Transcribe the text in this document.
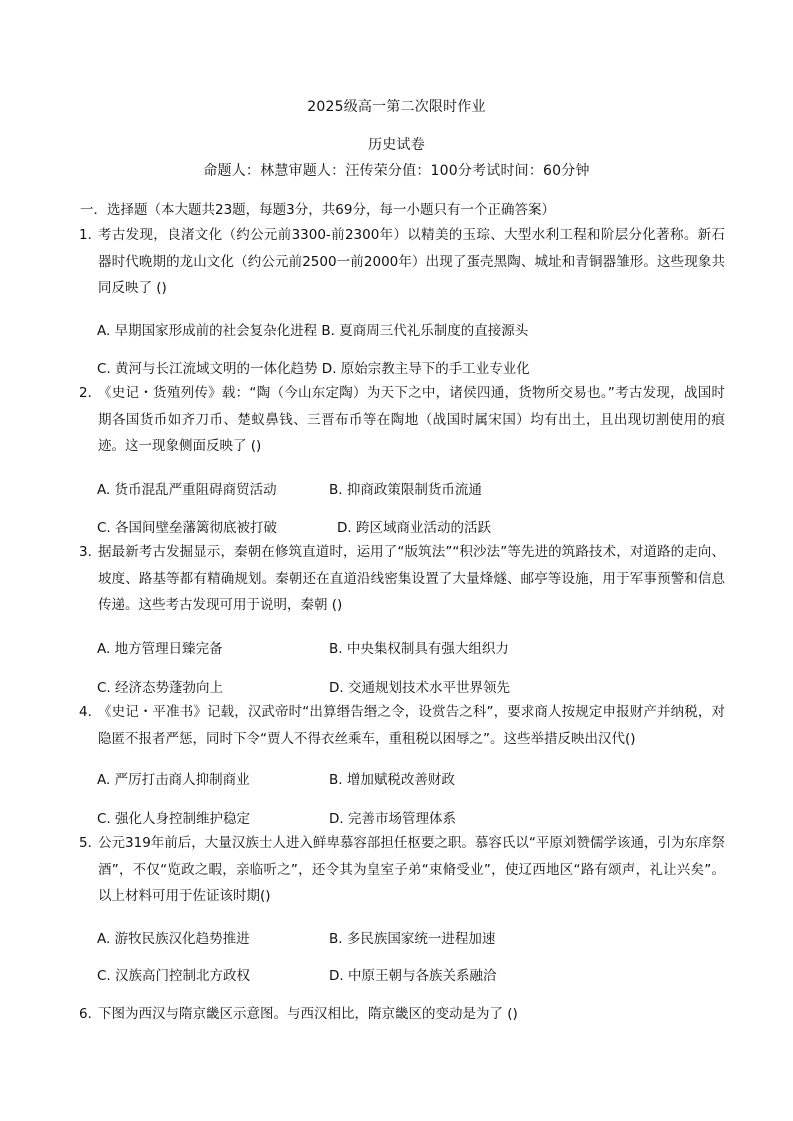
2025级高一第二次限时作业
历史试卷
命题人：林慧审题人：汪传荣分值：100分考试时间：60分钟
一．选择题（本大题共23题，每题3分，共69分，每一小题只有一个正确答案）
1．
考古发现，良渚文化（约公元前3300-前2300年）以精美的玉琮、大型水利工程和阶层分化著称。新石器时代晚期的龙山文化（约公元前2500一前2000年）出现了蛋壳黑陶、城址和青铜器雏形。这些现象共同反映了 ()
A. 早期国家形成前的社会复杂化进程 B. 夏商周三代礼乐制度的直接源头
C. 黄河与长江流域文明的一体化趋势 D. 原始宗教主导下的手工业专业化
2．
《史记・货殖列传》载：“陶（今山东定陶）为天下之中，诸侯四通，货物所交易也。”考古发现，战国时期各国货币如齐刀币、楚蚁鼻钱、三晋布币等在陶地（战国时属宋国）均有出土，且出现切割使用的痕迹。这一现象侧面反映了 ()
A. 货币混乱严重阻碍商贸活动	B. 抑商政策限制货币流通
C. 各国间壁垒藩篱彻底被打破	D. 跨区域商业活动的活跃
3．
据最新考古发掘显示，秦朝在修筑直道时，运用了“版筑法”“积沙法”等先进的筑路技术，对道路的走向、坡度、路基等都有精确规划。秦朝还在直道沿线密集设置了大量烽燧、邮亭等设施，用于军事预警和信息传递。这些考古发现可用于说明，秦朝 ()
A. 地方管理日臻完备	B. 中央集权制具有强大组织力
C. 经济态势蓬勃向上	D. 交通规划技术水平世界领先
4．
《史记・平准书》记载，汉武帝时“出算缗告缗之令，设赏告之科”，要求商人按规定申报财产并纳税，对隐匿不报者严惩，同时下令“贾人不得衣丝乘车，重租税以困辱之”。这些举措反映出汉代()
A. 严厉打击商人抑制商业	B. 增加赋税改善财政
C. 强化人身控制维护稳定	D. 完善市场管理体系
5．
公元319年前后，大量汉族士人进入鲜卑慕容部担任枢要之职。慕容氏以“平原刘赞儒学该通，引为东庠祭酒”，不仅“览政之暇，亲临听之”，还令其为皇室子弟“束脩受业”，使辽西地区“路有颂声，礼让兴矣”。以上材料可用于佐证该时期()
A. 游牧民族汉化趋势推进	B. 多民族国家统一进程加速
C. 汉族高门控制北方政权	D. 中原王朝与各族关系融洽
6．
下图为西汉与隋京畿区示意图。与西汉相比，隋京畿区的变动是为了 ()
